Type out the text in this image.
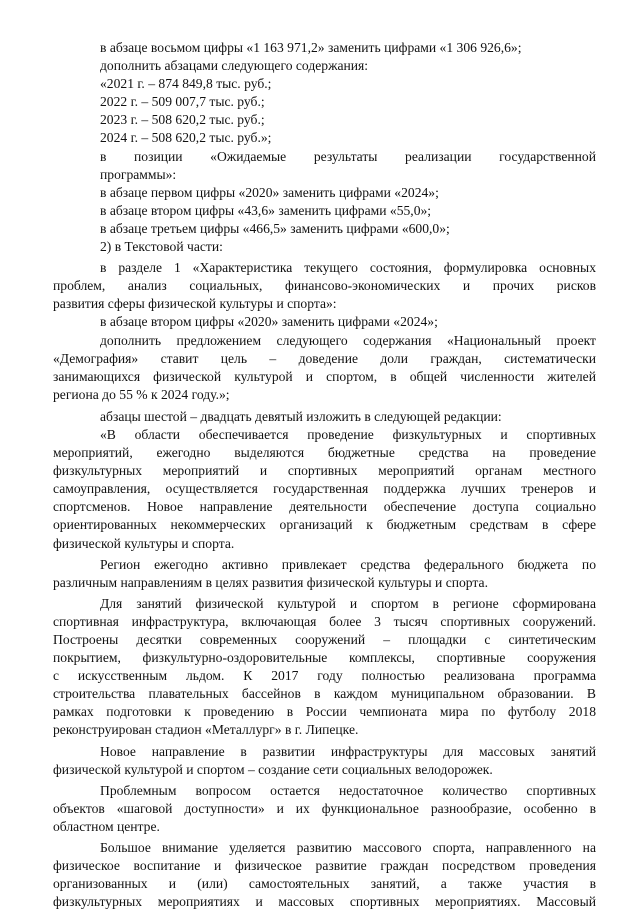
в абзаце восьмом цифры «1 163 971,2» заменить цифрами «1 306 926,6»;
дополнить абзацами следующего содержания:
«2021 г. – 874 849,8 тыс. руб.;
2022 г. – 509 007,7 тыс. руб.;
2023 г. – 508 620,2 тыс. руб.;
2024 г. – 508 620,2 тыс. руб.»;
в позиции «Ожидаемые результаты реализации государственной
программы»:
в абзаце первом цифры «2020» заменить цифрами «2024»;
в абзаце втором цифры «43,6» заменить цифрами «55,0»;
в абзаце третьем цифры «466,5» заменить цифрами «600,0»;
2) в Текстовой части:
в разделе 1 «Характеристика текущего состояния, формулировка основных
проблем, анализ социальных, финансово-экономических и прочих рисков
развития сферы физической культуры и спорта»:
в абзаце втором цифры «2020» заменить цифрами «2024»;
дополнить предложением следующего содержания «Национальный проект
«Демография» ставит цель – доведение доли граждан, систематически
занимающихся физической культурой и спортом, в общей численности жителей
региона до 55 % к 2024 году.»;
абзацы шестой – двадцать девятый изложить в следующей редакции:
«В области обеспечивается проведение физкультурных и спортивных
мероприятий, ежегодно выделяются бюджетные средства на проведение
физкультурных мероприятий и спортивных мероприятий органам местного
самоуправления, осуществляется государственная поддержка лучших тренеров и
спортсменов. Новое направление деятельности обеспечение доступа социально
ориентированных некоммерческих организаций к бюджетным средствам в сфере
физической культуры и спорта.
Регион ежегодно активно привлекает средства федерального бюджета по
различным направлениям в целях развития физической культуры и спорта.
Для занятий физической культурой и спортом в регионе сформирована
спортивная инфраструктура, включающая более 3 тысяч спортивных сооружений.
Построены десятки современных сооружений – площадки с синтетическим
покрытием, физкультурно-оздоровительные комплексы, спортивные сооружения
с искусственным льдом. К 2017 году полностью реализована программа
строительства плавательных бассейнов в каждом муниципальном образовании. В
рамках подготовки к проведению в России чемпионата мира по футболу 2018
реконструирован стадион «Металлург» в г. Липецке.
Новое направление в развитии инфраструктуры для массовых занятий
физической культурой и спортом – создание сети социальных велодорожек.
Проблемным вопросом остается недостаточное количество спортивных
объектов «шаговой доступности» и их функциональное разнообразие, особенно в
областном центре.
Большое внимание уделяется развитию массового спорта, направленного на
физическое воспитание и физическое развитие граждан посредством проведения
организованных и (или) самостоятельных занятий, а также участия в
физкультурных мероприятиях и массовых спортивных мероприятиях. Массовый
